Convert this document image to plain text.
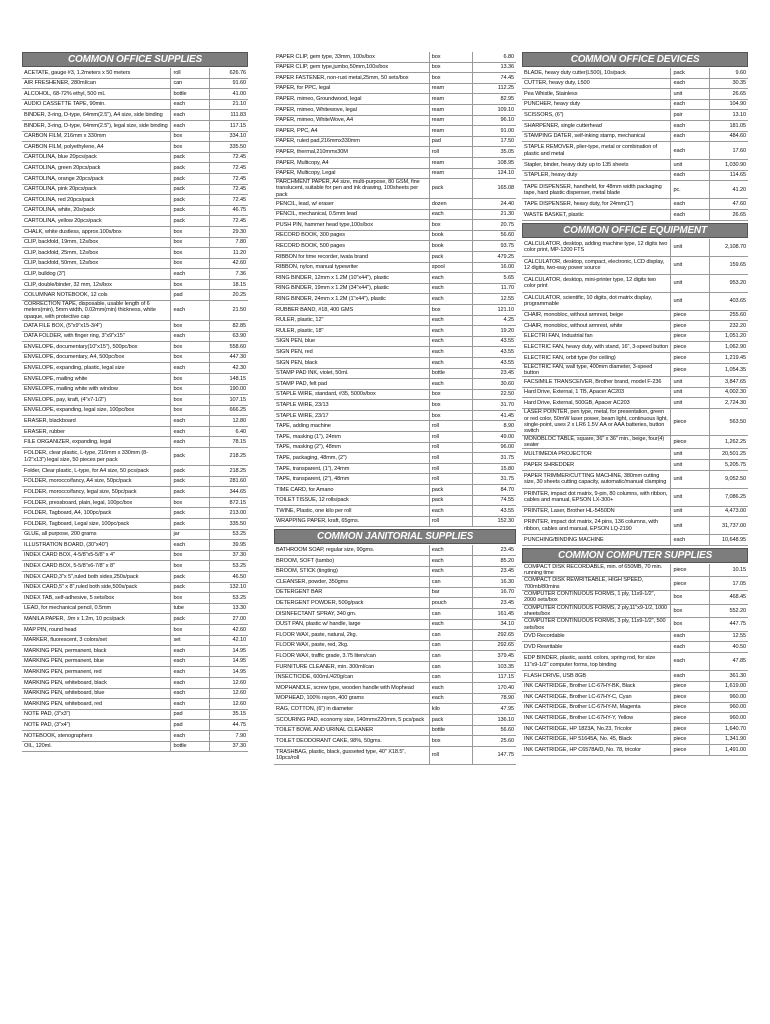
COMMON OFFICE SUPPLIES
ACETATE, gauge #3, 1.2meters x 50 meters	roll	626.76
AIR FRESHENER, 280ml/can	can	91.60
ALCOHOL, 68-72% ethyl, 500 mL	bottle	41.00
AUDIO CASSETTE TAPE, 90min.	each	21.10
BINDER, 3-ring, D-type, 64mm(2.5"), A4 size, side binding	each	111.83
BINDER, 3-ring, D-type, 64mm(2.5"), legal size, side binding	each	117.15
CARBON FILM, 216mm x 330mm	box	334.10
CARBON FILM, polyethylene, A4	box	335.50
CARTOLINA, blue 20pcs/pack	pack	72.45
CARTOLINA, green 20pcs/pack	pack	72.45
CARTOLINA, orange 20pcs/pack	pack	72.45
CARTOLINA, pink 20pcs/pack	pack	72.45
CARTOLINA, red 20pcs/pack	pack	72.45
CARTOLINA, white, 20s/pack	pack	46.75
CARTOLINA, yellow 20pcs/pack	pack	72.45
CHALK, white dustless, approx.100s/box	box	29.30
CLIP, backfold, 19mm, 12s/box	box	7.80
CLIP, backfold, 25mm, 12s/box	box	11.20
CLIP, backfold, 50mm, 12s/box	box	42.60
CLIP, bulldog (3")	each	7.36
CLIP, double/binder, 32 mm, 12s/box	box	18.15
COLUMNAR NOTEBOOK, 12 cols	pad	20.25
CORRECTION TAPE, disposable, usable length of 6 meters(min), 5mm width, 0.02mm(min) thickness, white opaque, with protective cap	each	21.50
DATA FILE BOX, (5"x9"x15-3/4")	box	82.85
DATA FOLDER, with finger ring, 3"x9"x15"	each	63.90
ENVELOPE, documentary(10"x15"), 500pc/box	box	558.60
ENVELOPE, documentary, A4, 500pc/box	box	447.30
ENVELOPE, expanding, plastic, legal size	each	42.30
ENVELOPE, mailing white	box	148.15
ENVELOPE, mailing white with window	box	190.00
ENVELOPE, pay, kraft, (4"x7-1/2")	box	107.15
ENVELOPE, expanding, legal size, 100pc/box	box	666.25
ERASER, blackboard	each	12.80
ERASER, rubber	each	6.40
FILE ORGANIZER, expanding, legal	each	78.15
FOLDER, clear plastic, L-type, 216mm x 330mm (8-1/2"x13") legal size, 50 pieces per pack	pack	218.25
Folder, Clear plastic, L-type, for A4 size, 50 pcs/pack	pack	218.25
FOLDER, morocco/fancy, A4 size, 50pc/pack	pack	281.60
FOLDER, morocco/fancy, legal size, 50pc/pack	pack	344.65
FOLDER, pressboard, plain, legal, 100pc/box	box	872.15
FOLDER, Tagboard, A4, 100pc/pack	pack	213.00
FOLDER, Tagboard, Legal size, 100pc/pack	pack	335.50
GLUE, all purpose, 200 grams	jar	53.25
ILLUSTRATION BOARD, (30"x40")	each	39.95
INDEX CARD BOX, 4-5/8"x5-5/8" x 4"	box	37.30
INDEX CARD BOX, 5-5/8"x6-7/8" x 8"	box	53.25
INDEX CARD,3"x 5",ruled both sides,250s/pack	pack	46.50
INDEX CARD,5" x 8",ruled both side,500s/pack	pack	132.10
INDEX TAB, self-adhesive, 5 sets/box	box	53.25
LEAD, for mechanical pencil, 0.5mm	tube	13.30
MANILA PAPER, .9m x 1.2m, 10 pcs/pack	pack	27.00
MAP PIN, round head	box	42.60
MARKER, fluorescent, 3 colors/set	set	42.10
MARKING PEN, permanent, black	each	14.95
MARKING PEN, permanent, blue	each	14.95
MARKING PEN, permanent, red	each	14.95
MARKING PEN, whiteboard, black	each	12.60
MARKING PEN, whiteboard, blue	each	12.60
MARKING PEN, whiteboard, red	each	12.60
NOTE PAD, (3"x3")	pad	35.15
NOTE PAD, (3"x4")	pad	44.75
NOTEBOOK, stenographers	each	7.90
OIL, 120ml.	bottle	37.30
PAPER CLIP, gem type, 33mm, 100s/box	box	6.80
PAPER CLIP, gem type,jumbo,50mm,100s/box	box	13.36
PAPER FASTENER, non-rust metal,25mm, 50 sets/box	box	74.45
PAPER, for PPC, legal	ream	112.25
PAPER, mimeo, Groundwood, legal	ream	82.95
PAPER, mimeo, Whitewove, legal	ream	109.10
PAPER, mimeo, WhiteWove, A4	ream	96.10
PAPER, PPC, A4	ream	91.00
PAPER, ruled pad,216mmx330mm	pad	17.50
PAPER, thermal,210mmx30M	roll	35.05
PAPER, Multicopy, A4	ream	108.95
PAPER, Multicopy, Legal	ream	124.10
PARCHMENT PAPER, A4 size, multi-purpose, 80 GSM, fine translucent, suitable for pen and ink drawing, 100sheets per pack	pack	165.08
PENCIL, lead, w/ eraser	dozen	24.40
PENCIL, mechanical, 0.5mm lead	each	21.30
PUSH PIN, hammer head type,100s/box	box	20.75
RECORD BOOK, 300 pages	book	56.60
RECORD BOOK, 500 pages	book	93.75
RIBBON for time recorder, iwata brand	pack	479.25
RIBBON, nylon, manual typewriter	spool	16.00
RING BINDER, 12mm x 1.2M (10"x44"), plastic	each	5.65
RING BINDER, 19mm x 1.2M (34"x44"), plastic	each	11.70
RING BINDER, 24mm x 1.2M (1"x44"), plastic	each	12.55
RUBBER BAND, #18, 400 GMS	box	121.10
RULER, plastic, 12"	each	4.25
RULER, plastic, 18"	each	19.20
SIGN PEN, blue	each	43.55
SIGN PEN, red	each	43.55
SIGN PEN, black	each	43.55
STAMP PAD INK, violet, 50ml.	bottle	23.45
STAMP PAD, felt pad	each	30.60
STAPLE WIRE, standard, #35, 5000s/box	box	22.50
STAPLE WIRE, 23/13	box	31.70
STAPLE WIRE, 23/17	box	41.45
TAPE, adding machine	roll	8.90
TAPE, masking (1"), 24mm	roll	49.00
TAPE, masking (2"), 48mm	roll	96.00
TAPE, packaging, 48mm, (2")	roll	31.75
TAPE, transparent, (1"), 24mm	roll	15.80
TAPE, transparent, (2"), 48mm	roll	31.75
TIME CARD, for Amano	pack	84.70
TOILET TISSUE, 12 rolls/pack	pack	74.55
TWINE, Plastic, one kilo per roll	each	43.55
WRAPPING PAPER, kraft, 65gms.	roll	152.30
COMMON JANITORIAL SUPPLIES
BATHROOM SOAP, regular size, 90gms.	each	23.45
BROOM, SOFT (tambo)	each	85.20
BROOM, STICK (tingting)	each	23.45
CLEANSER, powder, 350gms	can	16.30
DETERGENT BAR	bar	16.70
DETERGENT POWDER, 500g/pack	pouch	23.45
DISINFECTANT SPRAY, 340 gm.	can	161.45
DUST PAN, plastic w/ handle, large	each	34.10
FLOOR WAX, paste, natural, 2kg.	can	292.65
FLOOR WAX, paste, red, 2kg.	can	292.65
FLOOR WAX, traffic grade, 3.75 liters/can	can	379.45
FURNITURE CLEANER, min. 300ml/can	can	103.35
INSECTICIDE, 600ml./420g/can	can	117.15
MOPHANDLE, screw type, wooden handle with Mophead	each	170.40
MOPHEAD, 100% rayon, 400 grams	each	78.90
RAG, COTTON, (6") in diameter	kilo	47.95
SCOURING PAD, economy size, 140mmx220mm, 5 pcs/pack	pack	136.10
TOILET BOWL AND URINAL CLEANER	bottle	56.60
TOILET DEODORANT CAKE, 98%, 50gms.	box	25.60
TRASHBAG, plastic, black, gusseted type, 40" X18.5", 10pcs/roll	roll	147.75
COMMON OFFICE DEVICES
BLADE, heavy duty cutter(L500), 10s/pack	pack	9.60
CUTTER, heavy duty, L500	each	30.35
Pea Whistle, Stainless	unit	26.65
PUNCHER, heavy duty	each	104.90
SCISSORS, (6")	pair	13.10
SHARPENER, single cutterhead	each	181.05
STAMPING DATER, self-inking stamp, mechanical	each	484.60
STAPLE REMOVER, plier-type, metal or combination of plastic and metal	each	17.60
Stapler, binder, heavy duty up to 135 sheets	unit	1,030.90
STAPLER, heavy duty	each	114.65
TAPE DISPENSER, handheld, for 48mm width packaging tape, hard plastic dispenser, metal blade	pc.	41.20
TAPE DISPENSER, heavy duty, for 24mm(1")	each	47.60
WASTE BASKET, plastic	each	26.65
COMMON OFFICE EQUIPMENT
CALCULATOR, desktop, adding machine type, 12 digits two color print, MP-1200 FTS	unit	2,108.70
CALCULATOR, desktop, compact, electronic, LCD display, 12 digits, two-way power source	unit	159.65
CALCULATOR, desktop, mini-printer type, 12 digits two color print	unit	953.20
CALCULATOR, scientific, 10 digits, dot matrix display, programmable	unit	403.65
CHAIR, monobloc, without armrest, beige	piece	255.60
CHAIR, monobloc, without armrest, white	piece	232.20
ELECTRI FAN, Industrial fan	piece	1,051.20
ELECTRIC FAN, heavy duty, with stand, 16", 3-speed button	piece	1,062.90
ELECTRIC FAN, orbit type (for ceiling)	piece	1,219.45
ELECTRIC FAN, wall type, 400mm diameter, 3-speed button	piece	1,054.35
FACSIMILE TRANSCEIVER, Brother brand, model F-236	unit	3,847.65
Hard Drive, External, 1 TB, Apacer AC203	unit	4,002.30
Hard Drive, External, 500GB, Apacer AC203	unit	2,724.30
LASER POINTER, pen type, metal, for presentation, green or red color, 50mW laser power, beam light, continuous light, single-point, uses 2 x LR6 1.5V AA or AAA batteries, button switch	piece	563.50
MONOBLOC TABLE, square, 36" x 36" min., beige, four(4) seater	piece	1,262.25
MULTIMEDIA PROJECTOR	unit	20,501.25
PAPER SHREDDER	unit	5,205.75
PAPER TRIMMER/CUTTING MACHINE, 380mm cutting size, 30 sheets cutting capacity, automatic/manual clamping	unit	9,052.50
PRINTER, impact dot matrix, 9-pin, 80 columns, with ribbon, cables and manual, EPSON LX-300+	unit	7,086.25
PRINTER, Laser, Brother HL-5450DN	unit	4,473.00
PRINTER, impact dot matrix, 24 pins, 136 columns, with ribbon, cables and manual, EPSON LQ-2190	unit	31,737.00
PUNCHING/BINDING MACHINE	each	10,648.95
COMMON COMPUTER SUPPLIES
COMPACT DISK RECORDABLE, min. of 650MB, 70 min. running time	piece	10.15
COMPACT DISK REWRITEABLE, HIGH SPEED, 700mb/80mins	piece	17.05
COMPUTER CONTINUOUS FORMS, 1 ply, 11x9-1/2", 2000 sets/box	box	468.45
COMPUTER CONTINUOUS FORMS, 2 ply,11"x9-1/2, 1000 sheets/box	box	552.20
COMPUTER CONTINUOUS FORMS, 3 ply, 11x9-1/2", 500 sets/box	box	447.75
DVD Recordable	each	12.55
DVD Rewritable	each	40.50
EDP BINDER, plastic, asstd. colors, spring rod, for size 11"x9-1/2" computer forms, top binding	each	47.85
FLASH DRIVE, USB 8GB	each	361.30
INK CARTRIDGE, Brother LC-67HY-BK, Black	piece	1,619.00
INK CARTRIDGE, Brother LC-67HY-C, Cyan	piece	960.00
INK CARTRIDGE, Brother LC-67HY-M, Magenta	piece	960.00
INK CARTRIDGE, Brother LC-67HY-Y, Yellow	piece	960.00
INK CARTRIDGE, HP 1823A, No.23, Tricolor	piece	1,640.70
INK CARTRIDGE, HP 51645A, No. 45, Black	piece	1,341.90
INK CARTRIDGE, HP C6578A/D, No. 78, tricolor	piece	1,491.00
